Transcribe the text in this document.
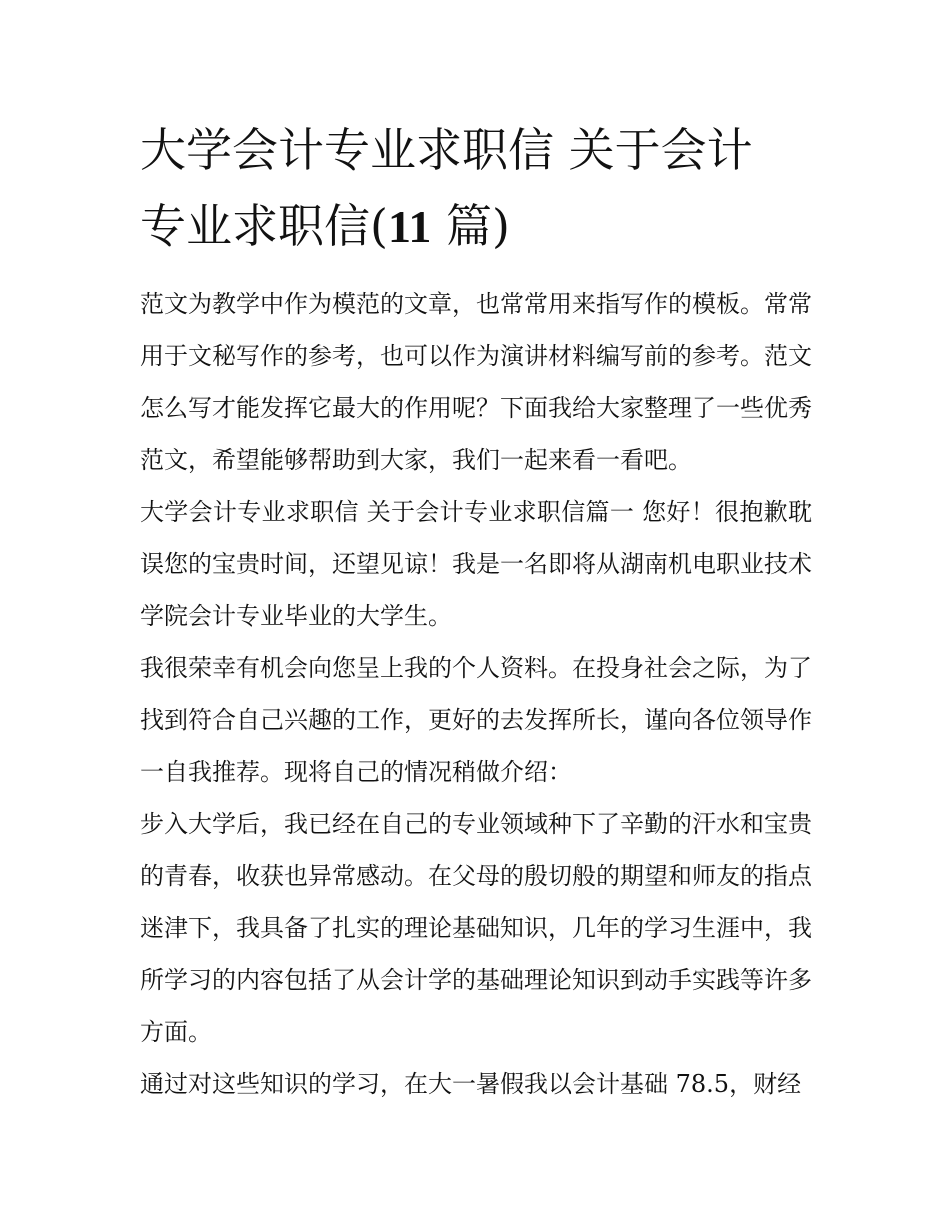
大学会计专业求职信 关于会计
专业求职信(11 篇)

范文为教学中作为模范的文章，也常常用来指写作的模板。常常用于文秘写作的参考，也可以作为演讲材料编写前的参考。范文怎么写才能发挥它最大的作用呢？下面我给大家整理了一些优秀范文，希望能够帮助到大家，我们一起来看一看吧。

大学会计专业求职信 关于会计专业求职信篇一 您好！很抱歉耽误您的宝贵时间，还望见谅！我是一名即将从湖南机电职业技术学院会计专业毕业的大学生。

我很荣幸有机会向您呈上我的个人资料。在投身社会之际，为了找到符合自己兴趣的工作，更好的去发挥所长，谨向各位领导作一自我推荐。现将自己的情况稍做介绍：

步入大学后，我已经在自己的专业领域种下了辛勤的汗水和宝贵的青春，收获也异常感动。在父母的殷切般的期望和师友的指点迷津下，我具备了扎实的理论基础知识，几年的学习生涯中，我所学习的内容包括了从会计学的基础理论知识到动手实践等许多方面。

通过对这些知识的学习，在大一暑假我以会计基础 78.5，财经
